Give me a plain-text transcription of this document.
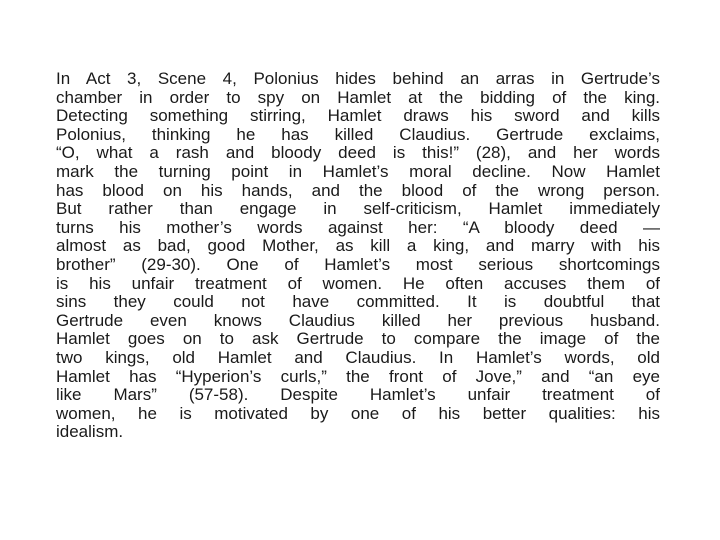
In Act 3, Scene 4, Polonius hides behind an arras in Gertrude’s
chamber in order to spy on Hamlet at the bidding of the king.
Detecting something stirring, Hamlet draws his sword and kills
Polonius, thinking he has killed Claudius. Gertrude exclaims,
“O, what a rash and bloody deed is this!” (28), and her words
mark the turning point in Hamlet’s moral decline. Now Hamlet
has blood on his hands, and the blood of the wrong person.
But rather than engage in self-criticism, Hamlet immediately
turns his mother’s words against her: “A bloody deed —
almost as bad, good Mother, as kill a king, and marry with his
brother” (29-30). One of Hamlet’s most serious shortcomings
is his unfair treatment of women. He often accuses them of
sins they could not have committed. It is doubtful that
Gertrude even knows Claudius killed her previous husband.
Hamlet goes on to ask Gertrude to compare the image of the
two kings, old Hamlet and Claudius. In Hamlet’s words, old
Hamlet has “Hyperion’s curls,” the front of Jove,” and “an eye
like Mars” (57-58). Despite Hamlet’s unfair treatment of
women, he is motivated by one of his better qualities: his
idealism.
